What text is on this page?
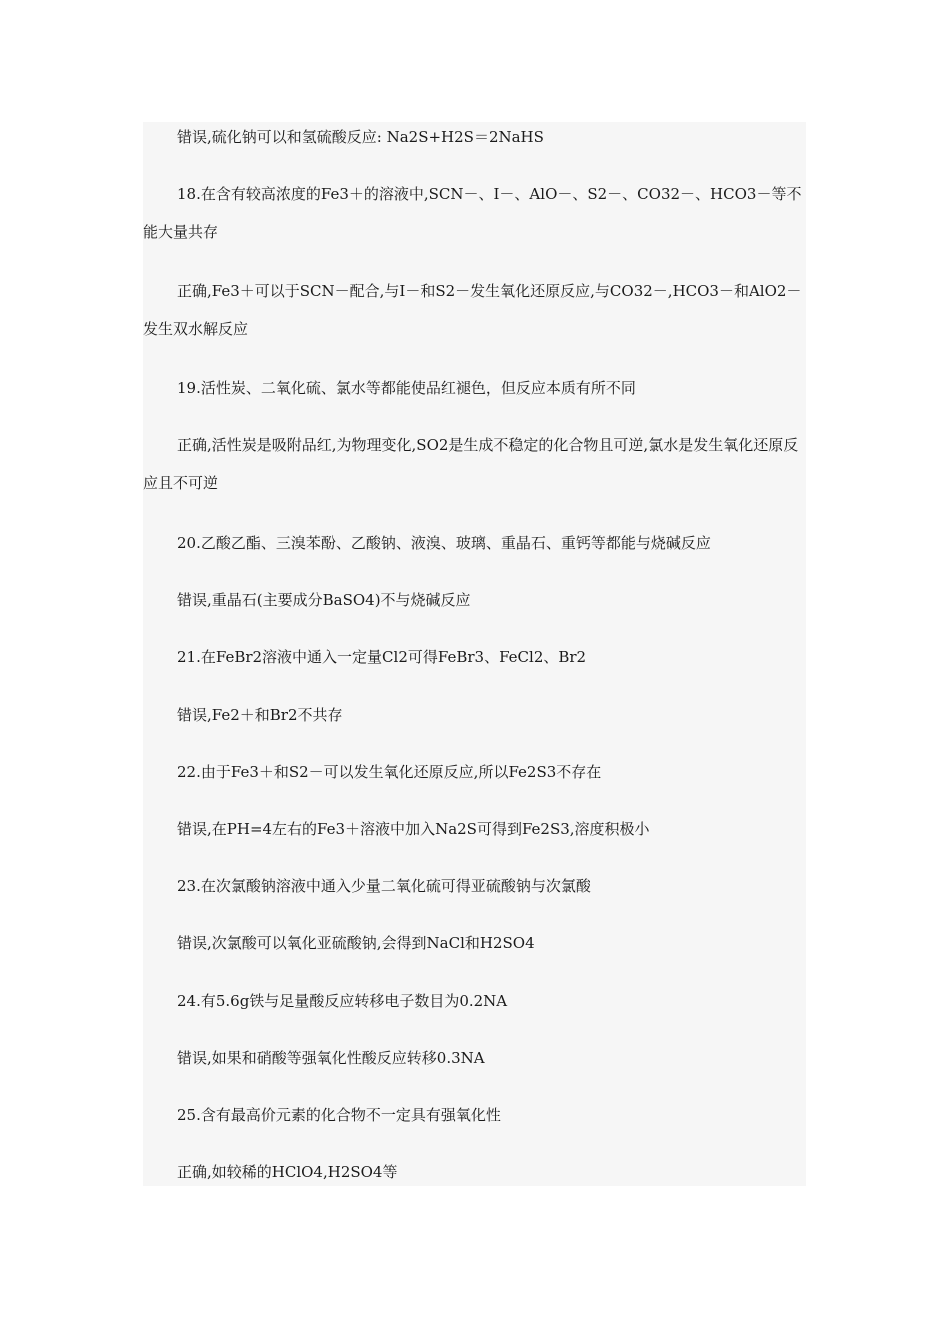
错误,硫化钠可以和氢硫酸反应: Na2S+H2S＝2NaHS

18.在含有较高浓度的Fe3＋的溶液中,SCN－、I－、AlO－、S2－、CO32－、HCO3－等不能大量共存

正确,Fe3＋可以于SCN－配合,与I－和S2－发生氧化还原反应,与CO32－,HCO3－和AlO2－发生双水解反应

19.活性炭、二氧化硫、氯水等都能使品红褪色，但反应本质有所不同

正确,活性炭是吸附品红,为物理变化,SO2是生成不稳定的化合物且可逆,氯水是发生氧化还原反应且不可逆

20.乙酸乙酯、三溴苯酚、乙酸钠、液溴、玻璃、重晶石、重钙等都能与烧碱反应

错误,重晶石(主要成分BaSO4)不与烧碱反应

21.在FeBr2溶液中通入一定量Cl2可得FeBr3、FeCl2、Br2

错误,Fe2＋和Br2不共存

22.由于Fe3＋和S2－可以发生氧化还原反应,所以Fe2S3不存在

错误,在PH=4左右的Fe3＋溶液中加入Na2S可得到Fe2S3,溶度积极小

23.在次氯酸钠溶液中通入少量二氧化硫可得亚硫酸钠与次氯酸

错误,次氯酸可以氧化亚硫酸钠,会得到NaCl和H2SO4

24.有5.6g铁与足量酸反应转移电子数目为0.2NA

错误,如果和硝酸等强氧化性酸反应转移0.3NA

25.含有最高价元素的化合物不一定具有强氧化性

正确,如较稀的HClO4,H2SO4等
